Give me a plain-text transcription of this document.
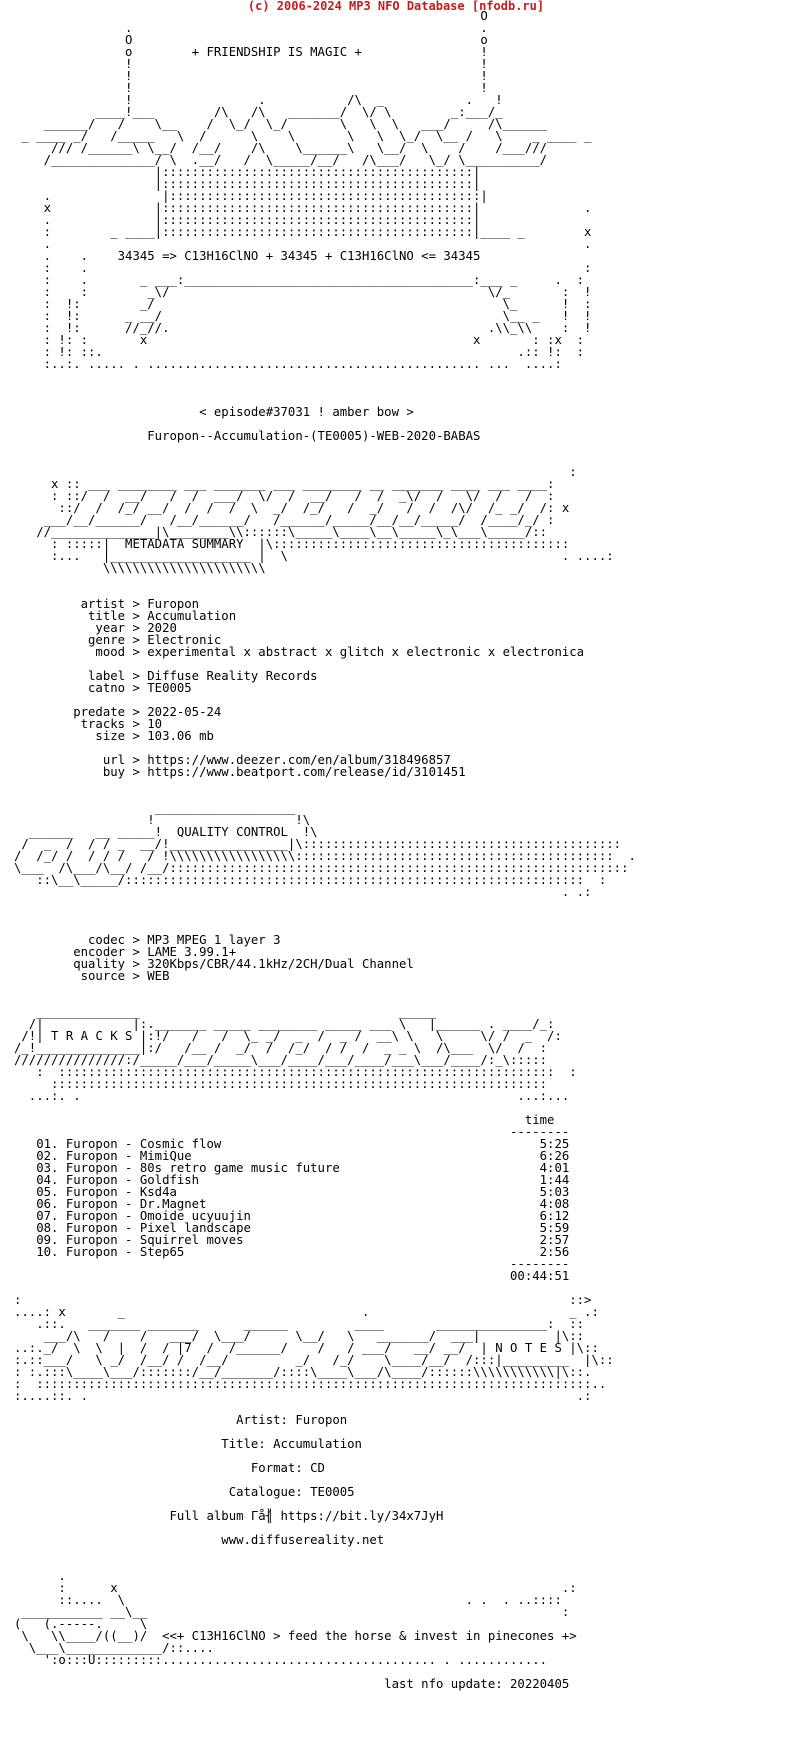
(c) 2006-2024 MP3 NFO Database [nfodb.ru]
O
.                                               .
O                                               o
o        + FRIENDSHIP IS MAGIC +                !
!                                               !
!                                               !
!                                               !
!                 .           /\  _           .   !
____!___        /\   /\   _______/  \/ \        _:___/_
______/   /    \__    /  \_/  \_/       \   \  \   ___/     /\______
_ ____ _/   /_____   \  /      \    \       \   \  \_/  \__ /   \    _ ____ _
/// /______\ \__/  /__/    /\    \______\   \__/  \    /    /___///
/______________/ \  .__/   /  \_____/__/   /\___/   \_/ \__________/
|::::::::::::::::::::::::::::::::::::::::::|
|::::::::::::::::::::::::::::::::::::::::::|
.               |::::::::::::::::::::::::::::::::::::::::::|
x              |::::::::::::::::::::::::::::::::::::::::::|              .
.              |::::::::::::::::::::::::::::::::::::::::::|
:        _ ____|::::::::::::::::::::::::::::::::::::::::::|____ _        x
.                                                                        .
.    .    34345 => C13H16ClNO + 34345 + C13H16ClNO <= 34345
:    .                                                                   :
:    .       _ ___:_______________________________________:___ _     .  :
:    :        _\/                                           \/_       :  !
:  !:        _/                                               \_      !  :
:  !:      _ __/                                              \__ _   !  !
:  !:      //_//.                                           .\\_\\    :  !
: !: :       x                                            x       : :x  :
: !: ::.                                                        .:: !:  :
:..:. ..... . ............................................. ...  ....:

< episode#37031 ! amber bow >

Furopon--Accumulation-(TE0005)-WEB-2020-BABAS

:
x :: ___ ________ ___ _______ ___ ________ __ _______ ____ ___ ____:
: ::/  /  __/   /  /  ___/  \/  /  __/   /  /  _\/  /   \/  /   /  :
::/  /  /_/ __/  /  /  /  \  _/  /_/   /  _/   /  /  /\/  /_ _/  /: x
___/__/______/   /__/______/   /______/_____/__/__/_____/  /____/_/ :
//______________|\________\\::::::\_____\____\__\_____\_\___\_____/::
: :::::|  METADATA SUMMARY  |\::::::::::::::::::::::::::::::::::::::::
:...   |___________________ |  \                                     . ....:
\\\\\\\\\\\\\\\\\\\\\\

artist > Furopon
title > Accumulation
year > 2020
genre > Electronic
mood > experimental x abstract x glitch x electronic x electronica

label > Diffuse Reality Records
catno > TE0005

predate > 2022-05-24
tracks > 10
size > 103.06 mb

url > https://www.deezer.com/en/album/318496857
buy > https://www.beatport.com/release/id/3101451

___________________
!                   !\
______   __ _____!  QUALITY CONTROL  !\
/  _  /  / / _  __/!________________|\:::::::::::::::::::::::::::::::::::::::::::
/  /_/ /  / / /   / !\\\\\\\\\\\\\\\\\:::::::::::::::::::::::::::::::::::::::::::  .
\___  /\___/\__/ /__/::::::::::::::::::::::::::::::::::::::::::::::::::::::::::::::
::\__\_____/::::::::::::::::::::::::::::::::::::::::::::::::::::::::::::::  :
. .:

codec > MP3 MPEG 1 layer 3
encoder > LAME 3.99.1+
quality > 320Kbps/CBR/44.1kHz/2CH/Dual Channel
source > WEB

______________                                   _____
/|            |:._______ _____ ________ _____ ___ \   |______ . ____/_:
/!| T R A C K S |:!/   /   /  \_ _/  _  /  _ /  __\ \   \     \/ /  _  /:
/_!______________|:/   /__ /  _/  /  /_/  / /  /  _ _ \  /\___  \/  /  :
///////////////:/_____/___/_____\___/____/___/____/___\___/____/:_\:::::
:  :::::::::::::::::::::::::::::::::::::::::::::::::::::::::::::::::::  :
:::::::::::::::::::::::::::::::::::::::::::::::::::::::::::::::::::
...:. .                                                           ...:...

time
--------
01. Furopon - Cosmic flow                                           5:25
02. Furopon - MimiQue                                               6:26
03. Furopon - 80s retro game music future                           4:01
04. Furopon - Goldfish                                              1:44
05. Furopon - Ksd4a                                                 5:03
06. Furopon - Dr.Magnet                                             4:08
07. Furopon - Omoide ucyuujin                                       6:12
08. Furopon - Pixel landscape                                       5:59
09. Furopon - Squirrel moves                                        2:57
10. Furopon - Step65                                                2:56
--------
00:44:51

:                                                                          ::>
....: x       _                                .                           _ .:
.::.   _______ _______      ______         ____       _______________:  ::
___/\   /    /   ___/  \___/      \__/   \   _______/  ___|          |\::
..:._/  \  \  |  /  / |7  /  /______/    /   / ___/   __/ __/  | N O T E S |\::
:.::___/   \ _/  /__/ /  /__/         _/   /_/    \____/__/  /:::|_________  |\::
: :.:::\____\___/:::::::/__/_______/::::\____\___/\____/::::::\\\\\\\\\\\|\::.
:  :::::::::::::::::::::::::::::::::::::::::::::::::::::::::::::::::::::::::::..
:....::. .                                                                  .:

Artist: Furopon

Title: Accumulation

Format: CD

Catalogue: TE0005

Full album Γǻ╢ https://bit.ly/34x7JyH

www.diffusereality.net

.
:      x                                                            .:
::....  \                                              . .  . ..::::
___________ __\__                                                        :
(   (.-----.     \
\   \\____/((__)/  <<+ C13H16ClNO > feed the horse & invest in pinecones +>
\___\_____________/::....
':o:::U:::::::::..................................... . ............

last nfo update: 20220405
